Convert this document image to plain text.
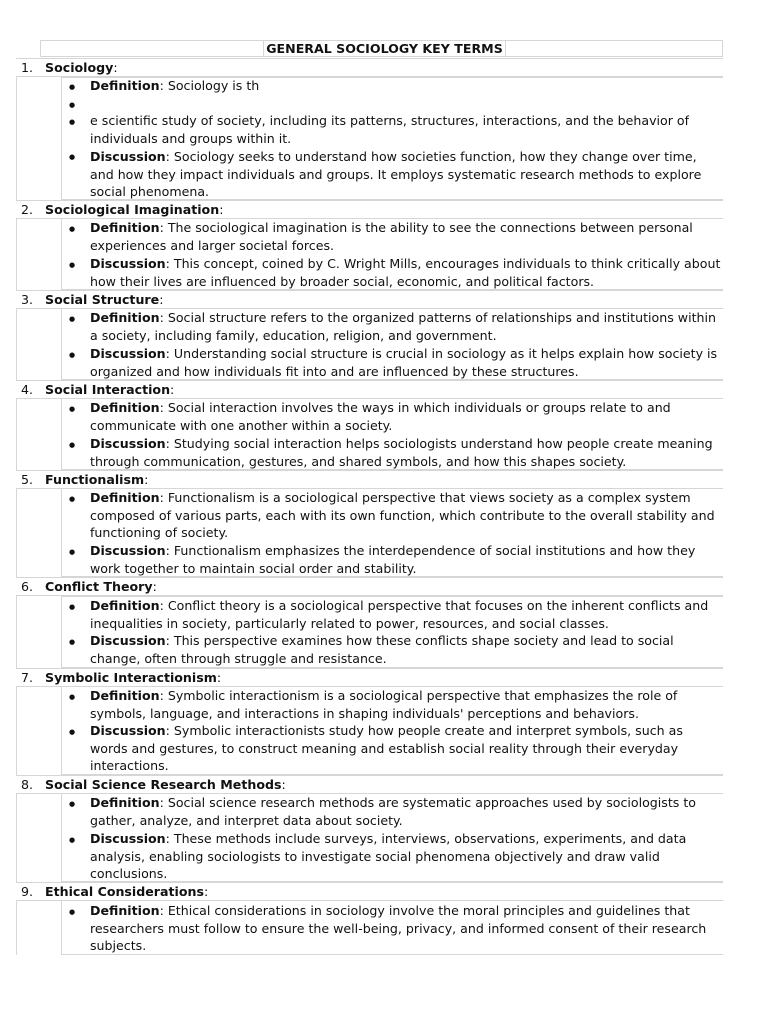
GENERAL SOCIOLOGY KEY TERMS
1. Sociology:
● Definition: Sociology is th
●
● e scientific study of society, including its patterns, structures, interactions, and the behavior of individuals and groups within it.
● Discussion: Sociology seeks to understand how societies function, how they change over time, and how they impact individuals and groups. It employs systematic research methods to explore social phenomena.
2. Sociological Imagination:
● Definition: The sociological imagination is the ability to see the connections between personal experiences and larger societal forces.
● Discussion: This concept, coined by C. Wright Mills, encourages individuals to think critically about how their lives are influenced by broader social, economic, and political factors.
3. Social Structure:
● Definition: Social structure refers to the organized patterns of relationships and institutions within a society, including family, education, religion, and government.
● Discussion: Understanding social structure is crucial in sociology as it helps explain how society is organized and how individuals fit into and are influenced by these structures.
4. Social Interaction:
● Definition: Social interaction involves the ways in which individuals or groups relate to and communicate with one another within a society.
● Discussion: Studying social interaction helps sociologists understand how people create meaning through communication, gestures, and shared symbols, and how this shapes society.
5. Functionalism:
● Definition: Functionalism is a sociological perspective that views society as a complex system composed of various parts, each with its own function, which contribute to the overall stability and functioning of society.
● Discussion: Functionalism emphasizes the interdependence of social institutions and how they work together to maintain social order and stability.
6. Conflict Theory:
● Definition: Conflict theory is a sociological perspective that focuses on the inherent conflicts and inequalities in society, particularly related to power, resources, and social classes.
● Discussion: This perspective examines how these conflicts shape society and lead to social change, often through struggle and resistance.
7. Symbolic Interactionism:
● Definition: Symbolic interactionism is a sociological perspective that emphasizes the role of symbols, language, and interactions in shaping individuals' perceptions and behaviors.
● Discussion: Symbolic interactionists study how people create and interpret symbols, such as words and gestures, to construct meaning and establish social reality through their everyday interactions.
8. Social Science Research Methods:
● Definition: Social science research methods are systematic approaches used by sociologists to gather, analyze, and interpret data about society.
● Discussion: These methods include surveys, interviews, observations, experiments, and data analysis, enabling sociologists to investigate social phenomena objectively and draw valid conclusions.
9. Ethical Considerations:
● Definition: Ethical considerations in sociology involve the moral principles and guidelines that researchers must follow to ensure the well-being, privacy, and informed consent of their research subjects.
